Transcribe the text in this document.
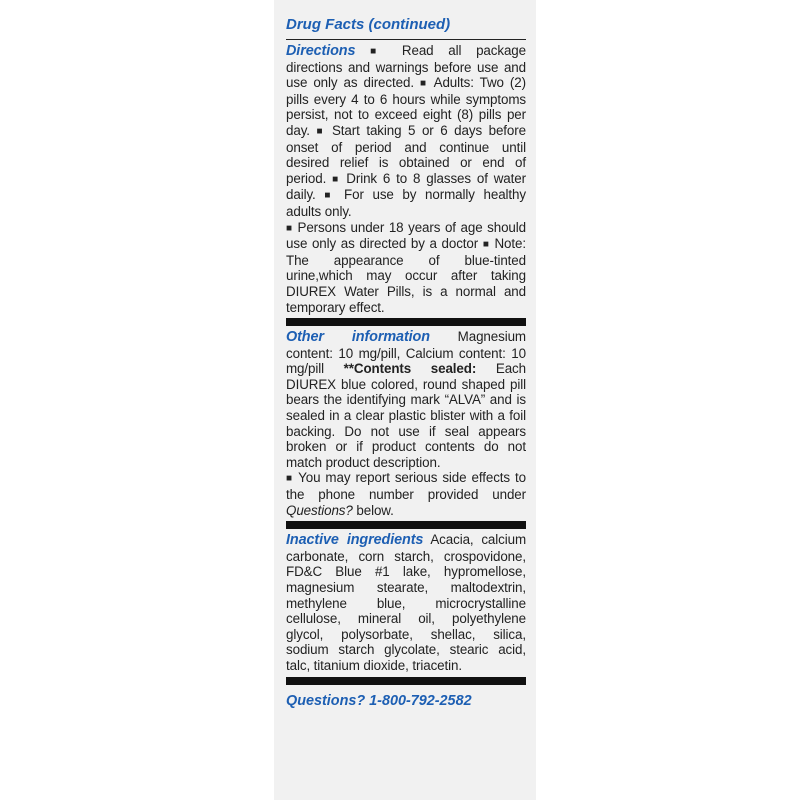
Drug Facts (continued)

Directions ■ Read all package directions and warnings before use and use only as directed. ■ Adults: Two (2) pills every 4 to 6 hours while symptoms persist, not to exceed eight (8) pills per day. ■ Start taking 5 or 6 days before onset of period and continue until desired relief is obtained or end of period. ■ Drink 6 to 8 glasses of water daily. ■ For use by normally healthy adults only.

■ Persons under 18 years of age should use only as directed by a doctor ■ Note: The appearance of blue-tinted urine,which may occur after taking DIUREX Water Pills, is a normal and temporary effect.

Other information Magnesium content: 10 mg/pill, Calcium content: 10 mg/pill **Contents sealed: Each DIUREX blue colored, round shaped pill bears the identifying mark “ALVA” and is sealed in a clear plastic blister with a foil backing. Do not use if seal appears broken or if product contents do not match product description.

■ You may report serious side effects to the phone number provided under Questions? below.

Inactive ingredients Acacia, calcium carbonate, corn starch, crospovidone, FD&C Blue #1 lake, hypromellose, magnesium stearate, maltodextrin, methylene blue, microcrystalline cellulose, mineral oil, polyethylene glycol, polysorbate, shellac, silica, sodium starch glycolate, stearic acid, talc, titanium dioxide, triacetin.

Questions? 1-800-792-2582
